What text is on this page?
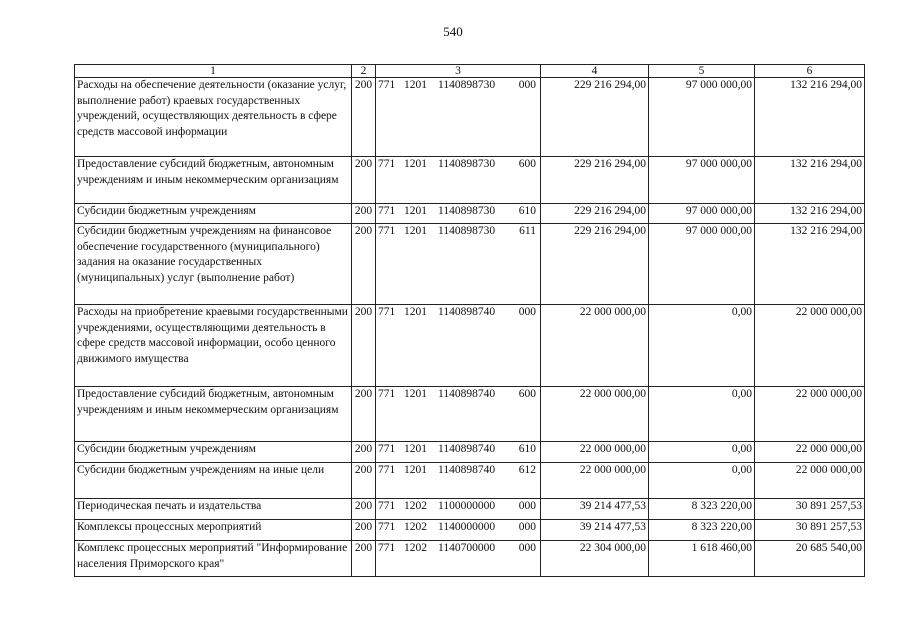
540
1	2	3	4	5	6
Расходы на обеспечение деятельности (оказание услуг, выполнение работ) краевых государственных учреждений, осуществляющих деятельность в сфере средств массовой информации	200	771 1201 1140898730 000	229 216 294,00	97 000 000,00	132 216 294,00
Предоставление субсидий бюджетным, автономным учреждениям и иным некоммерческим организациям	200	771 1201 1140898730 600	229 216 294,00	97 000 000,00	132 216 294,00
Субсидии бюджетным учреждениям	200	771 1201 1140898730 610	229 216 294,00	97 000 000,00	132 216 294,00
Субсидии бюджетным учреждениям на финансовое обеспечение государственного (муниципального) задания на оказание государственных (муниципальных) услуг (выполнение работ)	200	771 1201 1140898730 611	229 216 294,00	97 000 000,00	132 216 294,00
Расходы на приобретение краевыми государственными учреждениями, осуществляющими деятельность в сфере средств массовой информации, особо ценного движимого имущества	200	771 1201 1140898740 000	22 000 000,00	0,00	22 000 000,00
Предоставление субсидий бюджетным, автономным учреждениям и иным некоммерческим организациям	200	771 1201 1140898740 600	22 000 000,00	0,00	22 000 000,00
Субсидии бюджетным учреждениям	200	771 1201 1140898740 610	22 000 000,00	0,00	22 000 000,00
Субсидии бюджетным учреждениям на иные цели	200	771 1201 1140898740 612	22 000 000,00	0,00	22 000 000,00
Периодическая печать и издательства	200	771 1202 1100000000 000	39 214 477,53	8 323 220,00	30 891 257,53
Комплексы процессных мероприятий	200	771 1202 1140000000 000	39 214 477,53	8 323 220,00	30 891 257,53
Комплекс процессных мероприятий "Информирование населения Приморского края"	200	771 1202 1140700000 000	22 304 000,00	1 618 460,00	20 685 540,00
